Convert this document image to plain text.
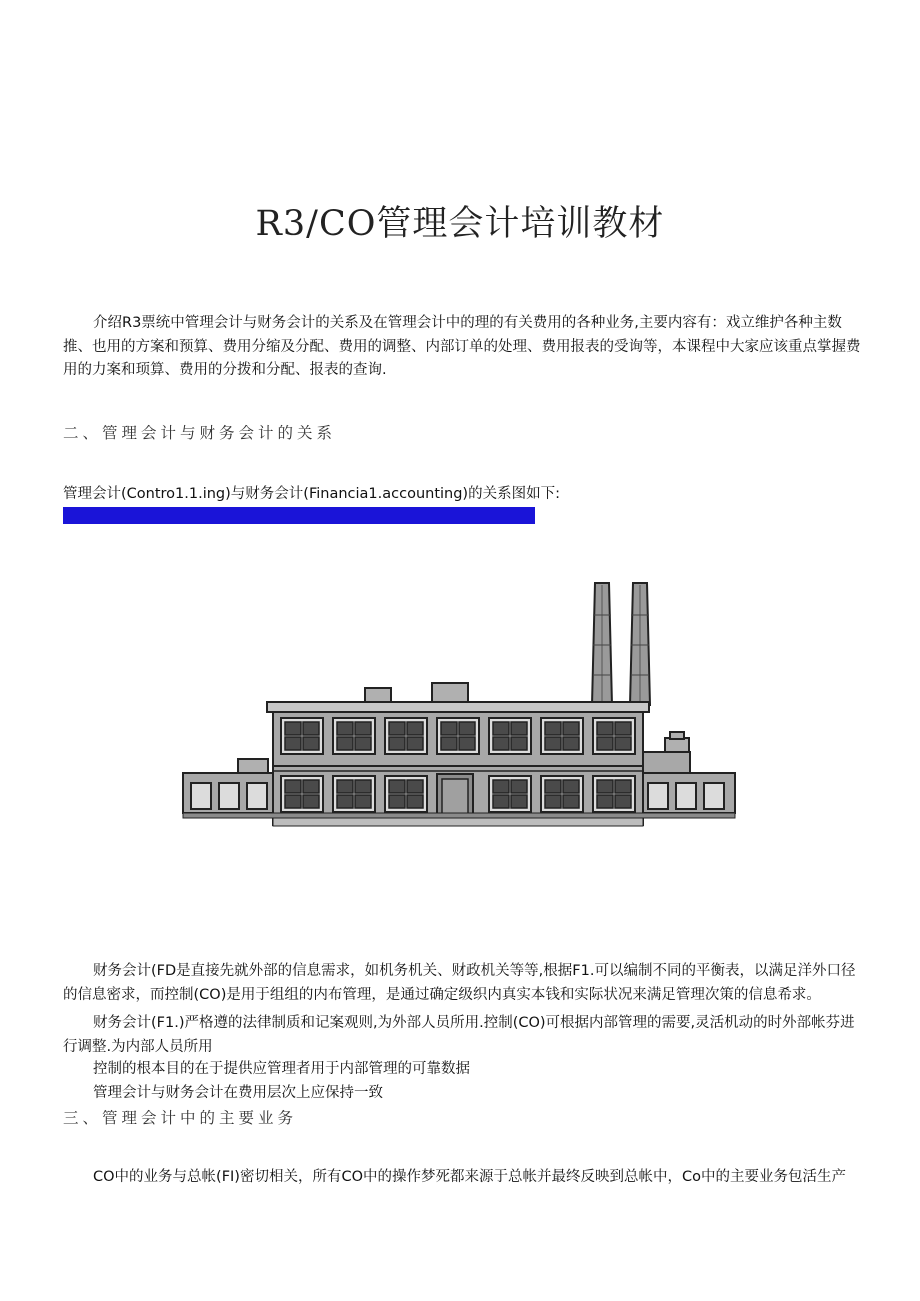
R3/CO管理会计培训教材

介绍R3票统中管理会计与财务会计的关系及在管理会计中的理的有关费用的各种业务,主要内容有：戏立维护各种主数推、也用的方案和预算、费用分缩及分配、费用的调整、内部订单的处理、费用报表的受询等，本课程中大家应该重点掌握费用的力案和顼算、费用的分拨和分配、报表的查询.

二、管理会计与财务会计的关系
管理会计(Contro1.1.ing)与财务会计(Financia1.accounting)的关系图如下:

财务会计(FD是直接先就外部的信息需求，如机务机关、财政机关等等,根据F1.可以编制不同的平衡表，以满足洋外口径的信息密求，而控制(CO)是用于组组的内布管理，是通过确定级织内真实本钱和实际状况来满足管理次策的信息希求。

财务会计(F1.)严格遵的法律制质和记案观则,为外部人员所用.控制(CO)可根据内部管理的需要,灵活机动的时外部帐芬进行调整.为内部人员所用

控制的根本目的在于提供应管理者用于内部管理的可靠数据
管理会计与财务会计在费用层次上应保持一致
三、管理会计中的主要业务
CO中的业务与总帐(FI)密切相关，所有CO中的操作梦死都来源于总帐并最终反映到总帐中，Co中的主要业务包活生产
